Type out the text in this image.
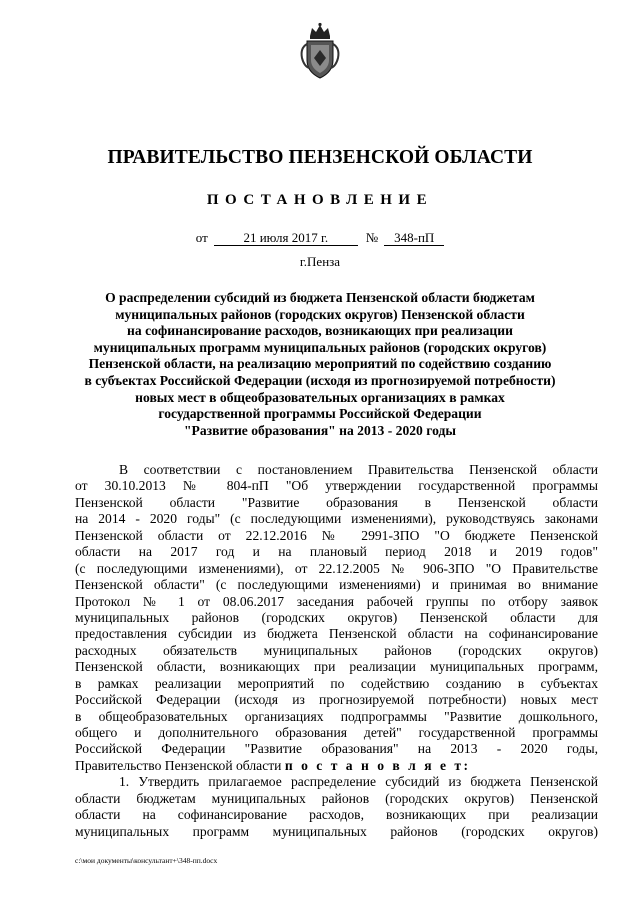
ПРАВИТЕЛЬСТВО ПЕНЗЕНСКОЙ ОБЛАСТИ
ПОСТАНОВЛЕНИЕ
от	21 июля 2017 г.	№ 348-пП
г.Пенза
О распределении субсидий из бюджета Пензенской области бюджетам
муниципальных районов (городских округов) Пензенской области
на софинансирование расходов, возникающих при реализации
муниципальных программ муниципальных районов (городских округов)
Пензенской области, на реализацию мероприятий по содействию созданию
в субъектах Российской Федерации (исходя из прогнозируемой потребности)
новых мест в общеобразовательных организациях в рамках
государственной программы Российской Федерации
"Развитие образования" на 2013 - 2020 годы
В соответствии с постановлением Правительства Пензенской области
от 30.10.2013 № 804-пП "Об утверждении государственной программы
Пензенской области "Развитие образования в Пензенской области
на 2014 - 2020 годы" (с последующими изменениями), руководствуясь законами
Пензенской области от 22.12.2016 № 2991-ЗПО "О бюджете Пензенской
области на 2017 год и на плановый период 2018 и 2019 годов"
(с последующими изменениями), от 22.12.2005 № 906-ЗПО "О Правительстве
Пензенской области" (с последующими изменениями) и принимая во внимание
Протокол № 1 от 08.06.2017 заседания рабочей группы по отбору заявок
муниципальных районов (городских округов) Пензенской области для
предоставления субсидии из бюджета Пензенской области на софинансирование
расходных обязательств муниципальных районов (городских округов)
Пензенской области, возникающих при реализации муниципальных программ,
в рамках реализации мероприятий по содействию созданию в субъектах
Российской Федерации (исходя из прогнозируемой потребности) новых мест
в общеобразовательных организациях подпрограммы "Развитие дошкольного,
общего и дополнительного образования детей" государственной программы
Российской Федерации "Развитие образования" на 2013 - 2020 годы,
Правительство Пензенской области п о с т а н о в л я е т:
1. Утвердить прилагаемое распределение субсидий из бюджета Пензенской
области бюджетам муниципальных районов (городских округов) Пензенской
области на софинансирование расходов, возникающих при реализации
муниципальных программ муниципальных районов (городских округов)
c:\мои документы\консультант+\348-пп.docx
